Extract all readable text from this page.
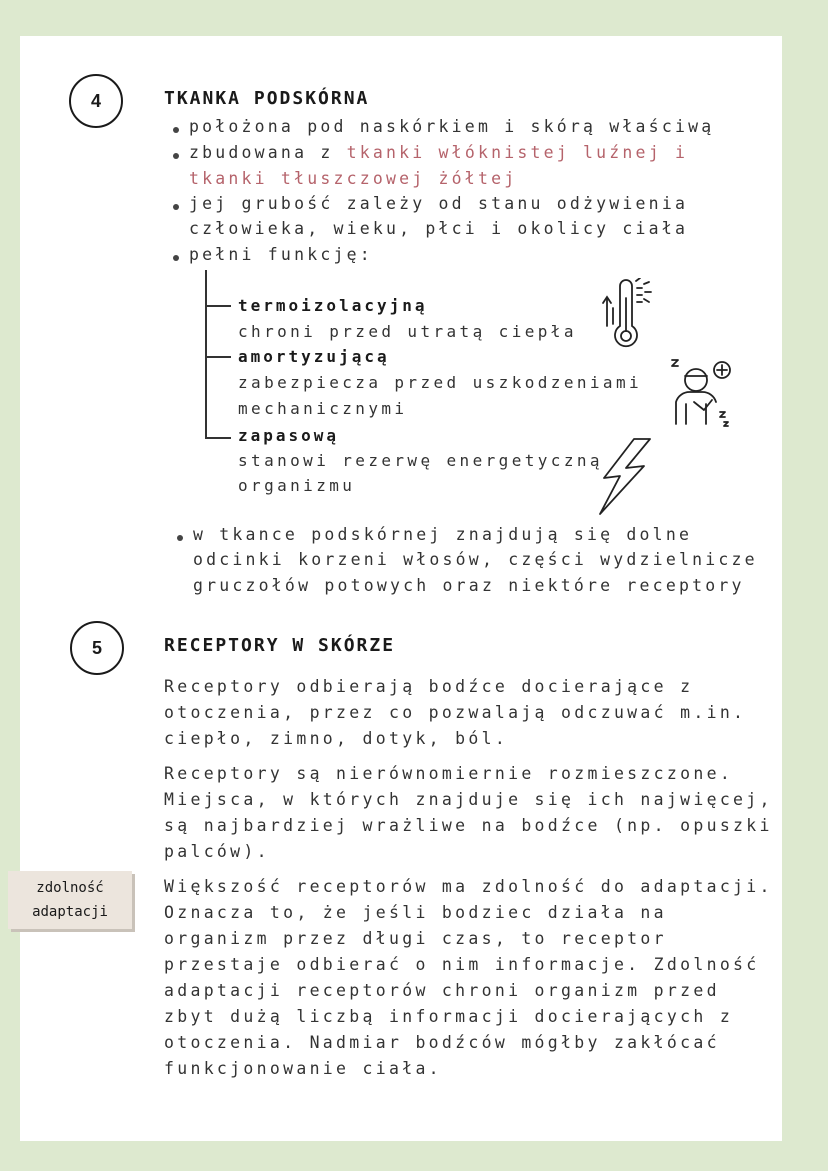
4	TKANKA PODSKÓRNA
położona pod naskórkiem i skórą właściwą
zbudowana z tkanki włóknistej luźnej i
tkanki tłuszczowej żółtej
jej grubość zależy od stanu odżywienia
człowieka, wieku, płci i okolicy ciała
pełni funkcję:
termoizolacyjną
chroni przed utratą ciepła
amortyzującą
zabezpiecza przed uszkodzeniami
mechanicznymi
zapasową
stanowi rezerwę energetyczną
organizmu
w tkance podskórnej znajdują się dolne
odcinki korzeni włosów, części wydzielnicze
gruczołów potowych oraz niektóre receptory
5	RECEPTORY W SKÓRZE
Receptory odbierają bodźce docierające z
otoczenia, przez co pozwalają odczuwać m.in.
ciepło, zimno, dotyk, ból.
Receptory są nierównomiernie rozmieszczone.
Miejsca, w których znajduje się ich najwięcej,
są najbardziej wrażliwe na bodźce (np. opuszki
palców).
zdolność
adaptacji
Większość receptorów ma zdolność do adaptacji.
Oznacza to, że jeśli bodziec działa na
organizm przez długi czas, to receptor
przestaje odbierać o nim informacje. Zdolność
adaptacji receptorów chroni organizm przed
zbyt dużą liczbą informacji docierających z
otoczenia. Nadmiar bodźców mógłby zakłócać
funkcjonowanie ciała.
